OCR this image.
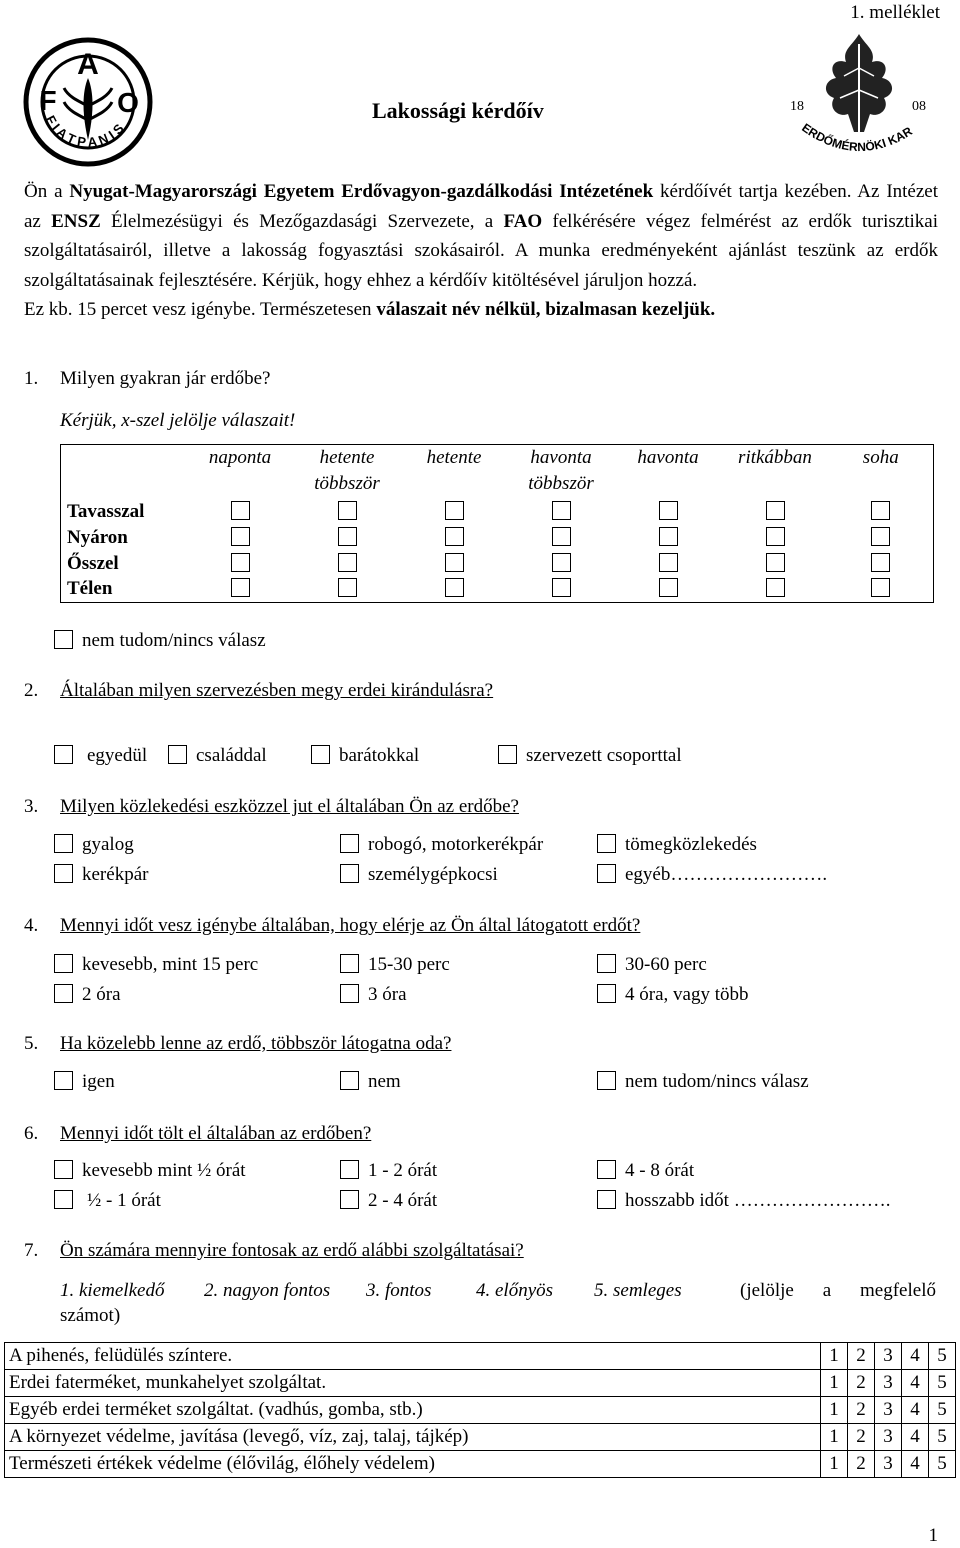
1. melléklet
A
F O
F I A T P A N I S
18	08
ERDŐMÉRNÖKI KAR
Lakossági kérdőív

Ön a Nyugat-Magyarországi Egyetem Erdővagyon-gazdálkodási Intézetének kérdőívét tartja kezében. Az Intézet az ENSZ Élelmezésügyi és Mezőgazdasági Szervezete, a FAO felkérésére végez felmérést az erdők turisztikai szolgáltatásairól, illetve a lakosság fogyasztási szokásairól. A munka eredményeként ajánlást teszünk az erdők szolgáltatásainak fejlesztésére. Kérjük, hogy ehhez a kérdőív kitöltésével járuljon hozzá.

Ez kb. 15 percet vesz igénybe. Természetesen válaszait név nélkül, bizalmasan kezeljük.

1. Milyen gyakran jár erdőbe?
Kérjük, x-szel jelölje válaszait!
	naponta	hetente többször	hetente	havonta többször	havonta	ritkábban	soha
Tavasszal							
Nyáron							
Ősszel							
Télen							
nem tudom/nincs válasz
2. Általában milyen szervezésben megy erdei kirándulásra?
egyedül	családdal	barátokkal	szervezett csoporttal
3. Milyen közlekedési eszközzel jut el általában Ön az erdőbe?
gyalog	robogó, motorkerékpár	tömegközlekedés
kerékpár	személygépkocsi	egyéb…………………….
4. Mennyi időt vesz igénybe általában, hogy elérje az Ön által látogatott erdőt?
kevesebb, mint 15 perc	15-30 perc	30-60 perc
2 óra	3 óra	4 óra, vagy több
5. Ha közelebb lenne az erdő, többször látogatna oda?
igen	nem	nem tudom/nincs válasz
6. Mennyi időt tölt el általában az erdőben?
kevesebb mint ½ órát	1 - 2 órát	4 - 8 órát
½ - 1 órát	2 - 4 órát	hosszabb időt …………………….
7. Ön számára mennyire fontosak az erdő alábbi szolgáltatásai?
1. kiemelkedő 2. nagyon fontos 3. fontos 4. előnyös 5. semleges	(jelölje a megfelelő
számot)
A pihenés, felüdülés színtere.	1	2	3	4	5
Erdei faterméket, munkahelyet szolgáltat.	1	2	3	4	5
Egyéb erdei terméket szolgáltat. (vadhús, gomba, stb.)	1	2	3	4	5
A környezet védelme, javítása (levegő, víz, zaj, talaj, tájkép)	1	2	3	4	5
Természeti értékek védelme (élővilág, élőhely védelem)	1	2	3	4	5
1
